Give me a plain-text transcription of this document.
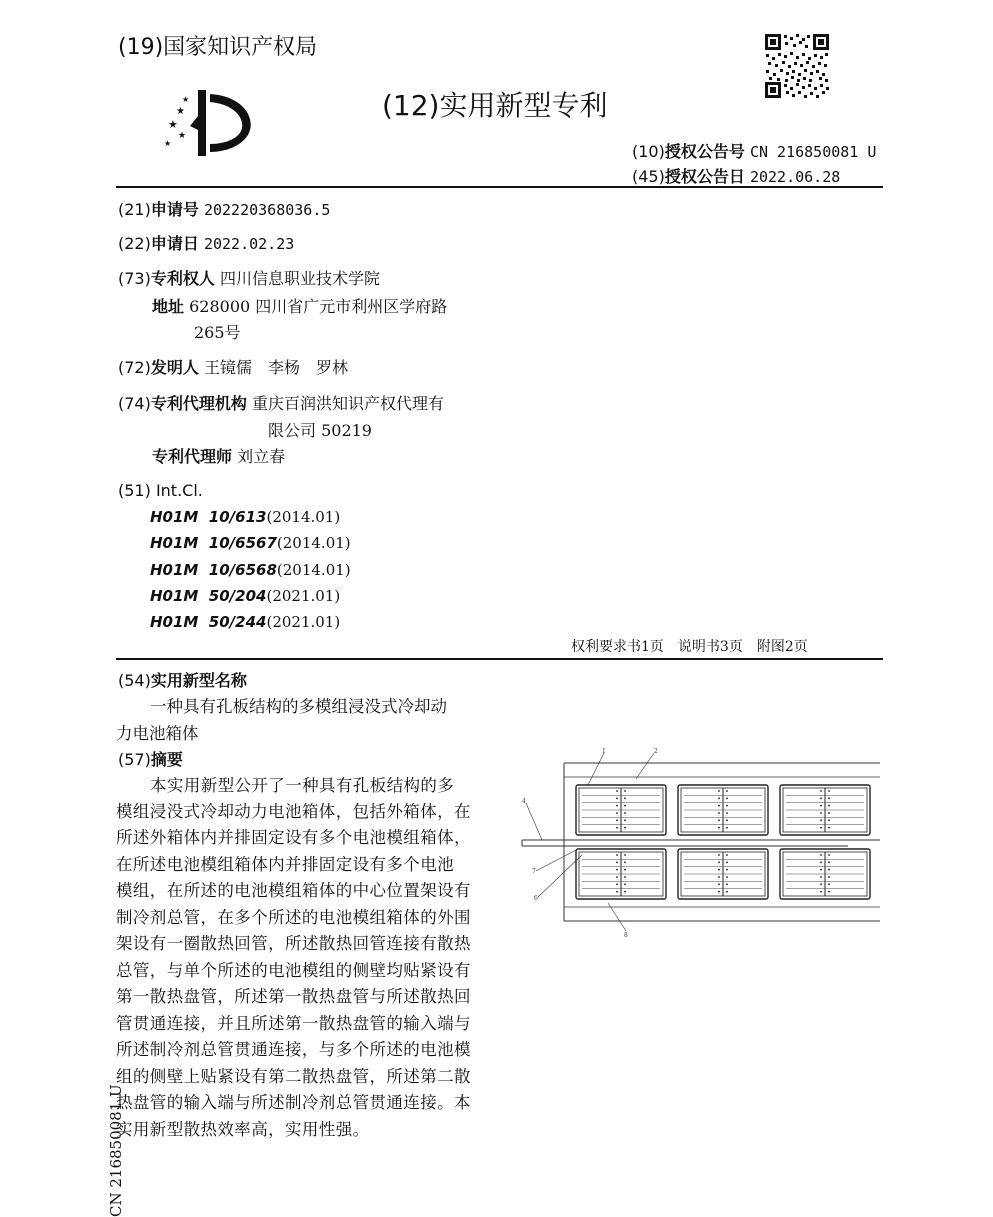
(19)国家知识产权局
★
★
★
★
★
(12)实用新型专利
(10)授权公告号 CN 216850081 U
(45)授权公告日 2022.06.28
(21)申请号 202220368036.5
(22)申请日 2022.02.23
(73)专利权人 四川信息职业技术学院
地址 628000 四川省广元市利州区学府路
265号
(72)发明人 王镜儒　李杨　罗林
(74)专利代理机构 重庆百润洪知识产权代理有
限公司 50219
专利代理师 刘立春
(51) Int.Cl.
H01M  10/613(2014.01)
H01M  10/6567(2014.01)
H01M  10/6568(2014.01)
H01M  50/204(2021.01)
H01M  50/244(2021.01)
权利要求书1页　说明书3页　附图2页
(54)实用新型名称
一种具有孔板结构的多模组浸没式冷却动
力电池箱体
(57)摘要
本实用新型公开了一种具有孔板结构的多
模组浸没式冷却动力电池箱体，包括外箱体，在
所述外箱体内并排固定设有多个电池模组箱体，
在所述电池模组箱体内并排固定设有多个电池
模组，在所述的电池模组箱体的中心位置架设有
制冷剂总管，在多个所述的电池模组箱体的外围
架设有一圈散热回管，所述散热回管连接有散热
总管，与单个所述的电池模组的侧壁均贴紧设有
第一散热盘管，所述第一散热盘管与所述散热回
管贯通连接，并且所述第一散热盘管的输入端与
所述制冷剂总管贯通连接，与多个所述的电池模
组的侧壁上贴紧设有第二散热盘管，所述第二散
热盘管的输入端与所述制冷剂总管贯通连接。本
实用新型散热效率高，实用性强。
CN 216850081 U
1	2
4
7
6
8
